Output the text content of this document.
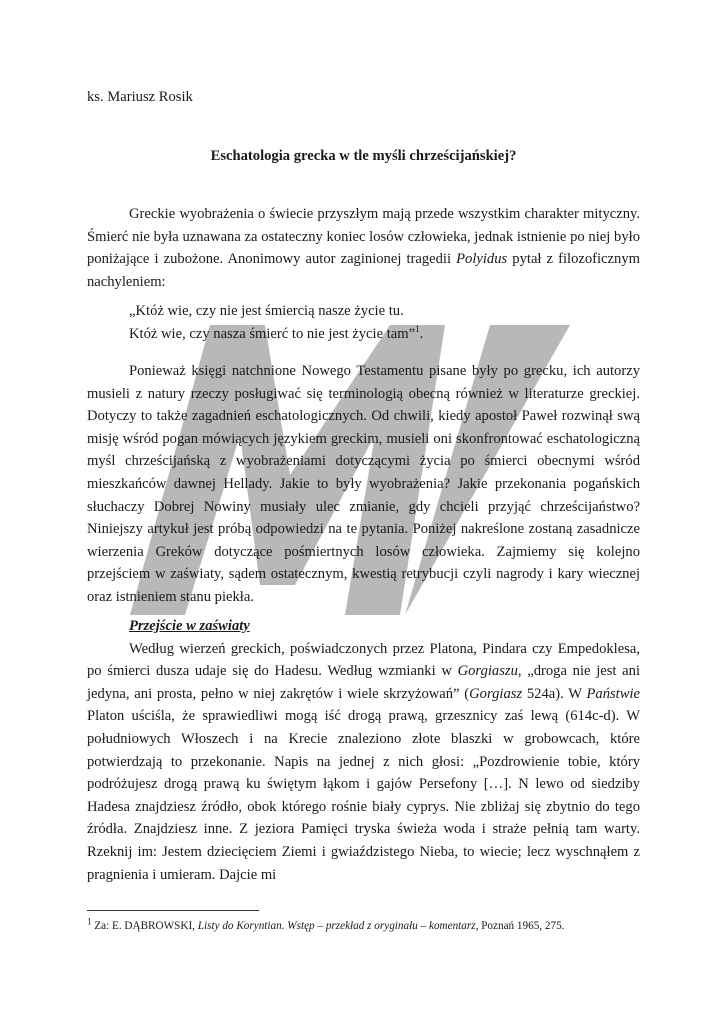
ks. Mariusz Rosik
Eschatologia grecka w tle myśli chrześcijańskiej?

Greckie wyobrażenia o świecie przyszłym mają przede wszystkim charakter mityczny. Śmierć nie była uznawana za ostateczny koniec losów człowieka, jednak istnienie po niej było poniżające i zubożone. Anonimowy autor zaginionej tragedii Polyidus pytał z filozoficznym nachyleniem:

„Któż wie, czy nie jest śmiercią nasze życie tu.

Któż wie, czy nasza śmierć to nie jest życie tam”$^1$.

Ponieważ księgi natchnione Nowego Testamentu pisane były po grecku, ich autorzy musieli z natury rzeczy posługiwać się terminologią obecną również w literaturze greckiej. Dotyczy to także zagadnień eschatologicznych. Od chwili, kiedy apostoł Paweł rozwinął swą misję wśród pogan mówiących językiem greckim, musieli oni skonfrontować eschatologiczną myśl chrześcijańską z wyobrażeniami dotyczącymi życia po śmierci obecnymi wśród mieszkańców dawnej Hellady. Jakie to były wyobrażenia? Jakie przekonania pogańskich słuchaczy Dobrej Nowiny musiały ulec zmianie, gdy chcieli przyjąć chrześcijaństwo? Niniejszy artykuł jest próbą odpowiedzi na te pytania. Poniżej nakreślone zostaną zasadnicze wierzenia Greków dotyczące pośmiertnych losów człowieka. Zajmiemy się kolejno przejściem w zaświaty, sądem ostatecznym, kwestią retrybucji czyli nagrody i kary wiecznej oraz istnieniem stanu piekła.

Przejście w zaświaty

Według wierzeń greckich, poświadczonych przez Platona, Pindara czy Empedoklesa, po śmierci dusza udaje się do Hadesu. Według wzmianki w Gorgiaszu, „droga nie jest ani jedyna, ani prosta, pełno w niej zakrętów i wiele skrzyżowań” (Gorgiasz 524a). W Państwie Platon uściśla, że sprawiedliwi mogą iść drogą prawą, grzesznicy zaś lewą (614c-d). W południowych Włoszech i na Krecie znaleziono złote blaszki w grobowcach, które potwierdzają to przekonanie. Napis na jednej z nich głosi: „Pozdrowienie tobie, który podróżujesz drogą prawą ku świętym łąkom i gajów Persefony […]. N lewo od siedziby Hadesa znajdziesz źródło, obok którego rośnie biały cyprys. Nie zbliżaj się zbytnio do tego źródła. Znajdziesz inne. Z jeziora Pamięci tryska świeża woda i straże pełnią tam warty. Rzeknij im: Jestem dziecięciem Ziemi i gwiaździstego Nieba, to wiecie; lecz wyschnąłem z pragnienia i umieram. Dajcie mi

$^1$ Za: E. DĄBROWSKI, Listy do Koryntian. Wstęp – przekład z oryginału – komentarz, Poznań 1965, 275.
